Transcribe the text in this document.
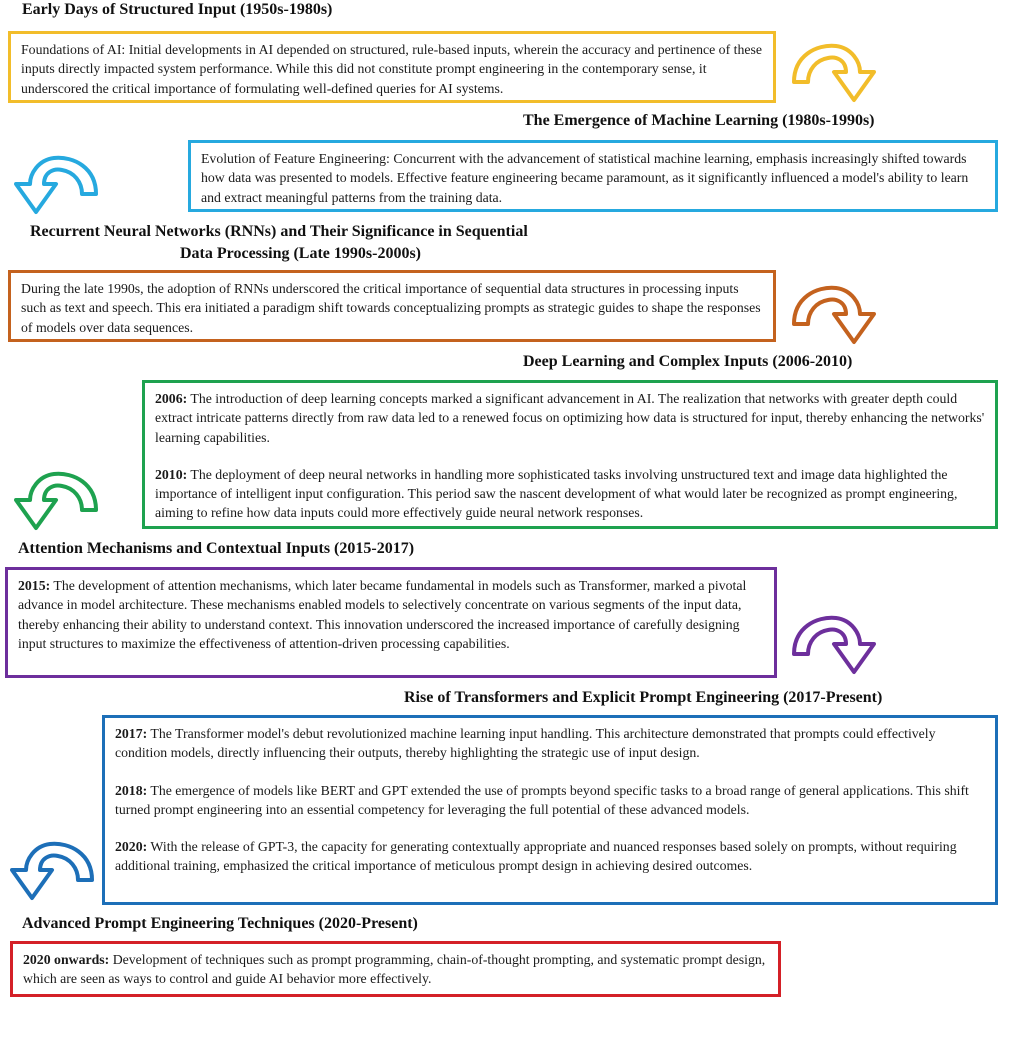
Early Days of Structured Input (1950s-1980s)

Foundations of AI: Initial developments in AI depended on structured, rule-based inputs, wherein the accuracy and pertinence of these inputs directly impacted system performance. While this did not constitute prompt engineering in the contemporary sense, it underscored the critical importance of formulating well-defined queries for AI systems.

The Emergence of Machine Learning (1980s-1990s)

Evolution of Feature Engineering: Concurrent with the advancement of statistical machine learning, emphasis increasingly shifted towards how data was presented to models. Effective feature engineering became paramount, as it significantly influenced a model's ability to learn and extract meaningful patterns from the training data.

Recurrent Neural Networks (RNNs) and Their Significance in Sequential
Data Processing (Late 1990s-2000s)

During the late 1990s, the adoption of RNNs underscored the critical importance of sequential data structures in processing inputs such as text and speech. This era initiated a paradigm shift towards conceptualizing prompts as strategic guides to shape the responses of models over data sequences.

Deep Learning and Complex Inputs (2006-2010)

2006: The introduction of deep learning concepts marked a significant advancement in AI. The realization that networks with greater depth could extract intricate patterns directly from raw data led to a renewed focus on optimizing how data is structured for input, thereby enhancing the networks' learning capabilities.

2010: The deployment of deep neural networks in handling more sophisticated tasks involving unstructured text and image data highlighted the importance of intelligent input configuration. This period saw the nascent development of what would later be recognized as prompt engineering, aiming to refine how data inputs could more effectively guide neural network responses.

Attention Mechanisms and Contextual Inputs (2015-2017)

2015: The development of attention mechanisms, which later became fundamental in models such as Transformer, marked a pivotal advance in model architecture. These mechanisms enabled models to selectively concentrate on various segments of the input data, thereby enhancing their ability to understand context. This innovation underscored the increased importance of carefully designing input structures to maximize the effectiveness of attention-driven processing capabilities.

Rise of Transformers and Explicit Prompt Engineering (2017-Present)

2017: The Transformer model's debut revolutionized machine learning input handling. This architecture demonstrated that prompts could effectively condition models, directly influencing their outputs, thereby highlighting the strategic use of input design.

2018: The emergence of models like BERT and GPT extended the use of prompts beyond specific tasks to a broad range of general applications. This shift turned prompt engineering into an essential competency for leveraging the full potential of these advanced models.

2020: With the release of GPT-3, the capacity for generating contextually appropriate and nuanced responses based solely on prompts, without requiring additional training, emphasized the critical importance of meticulous prompt design in achieving desired outcomes.

Advanced Prompt Engineering Techniques (2020-Present)

2020 onwards: Development of techniques such as prompt programming, chain-of-thought prompting, and systematic prompt design, which are seen as ways to control and guide AI behavior more effectively.
